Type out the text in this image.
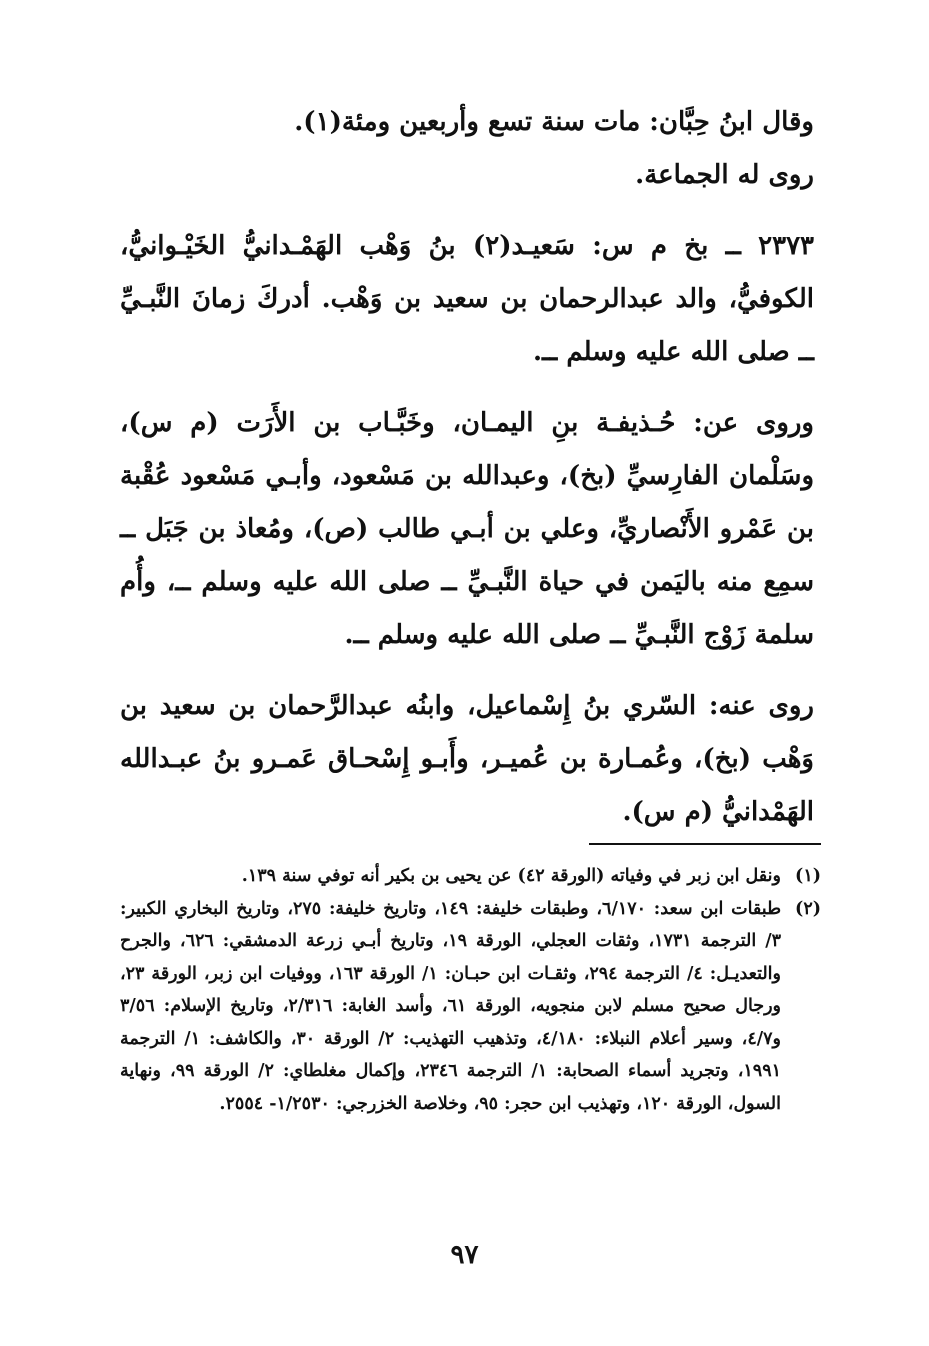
وقال ابنُ حِبَّان: مات سنة تسع وأربعين ومئة(١).

روى له الجماعة.

٢٣٧٣ ــ بخ م س: سَعيـد(٢) بنُ وَهْب الهَمْـدانيُّ الخَيْـوانيُّ، الكوفيُّ، والد عبدالرحمان بن سعيد بن وَهْب. أدركَ زمانَ النَّبـيِّ ــ صلى الله عليه وسلم ــ.

وروى عن: حُـذيفـة بنِ اليمـان، وخَبَّـاب بن الأَرَت (م س)، وسَلْمان الفارِسيِّ (بخ)، وعبدالله بن مَسْعود، وأبـي مَسْعود عُقْبة بن عَمْرو الأَنْصاريِّ، وعلي بن أبـي طالب (ص)، ومُعاذ بن جَبَل ــ سمِع منه باليَمن في حياة النَّبـيِّ ــ صلى الله عليه وسلم ــ، وأُم سلمة زَوْج النَّبـيِّ ــ صلى الله عليه وسلم ــ.

روى عنه: السّري بنُ إِسْماعيل، وابنُه عبدالرَّحمان بن سعيد بن وَهْب (بخ)، وعُمـارة بن عُميـر، وأَبـو إِسْحـاق عَمـرو بنُ عبـدالله الهَمْدانيُّ (م س).

(١)
ونقل ابن زبر في وفياته (الورقة ٤٢) عن يحيى بن بكير أنه توفي سنة ١٣٩.
(٢)
طبقات ابن سعد: ٦/١٧٠، وطبقات خليفة: ١٤٩، وتاريخ خليفة: ٢٧٥، وتاريخ البخاري الكبير: ٣/ الترجمة ١٧٣١، وثقات العجلي، الورقة ١٩، وتاريخ أبـي زرعة الدمشقي: ٦٢٦، والجرح والتعديـل: ٤/ الترجمة ٢٩٤، وثقـات ابن حبـان: ١/ الورقة ١٦٣، ووفيات ابن زبر، الورقة ٢٣، ورجال صحيح مسلم لابن منجويه، الورقة ٦١، وأسد الغابة: ٢/٣١٦، وتاريخ الإسلام: ٣/٥٦ و٤/٧، وسير أعلام النبلاء: ٤/١٨٠، وتذهيب التهذيب: ٢/ الورقة ٣٠، والكاشف: ١/ الترجمة ١٩٩١، وتجريد أسماء الصحابة: ١/ الترجمة ٢٣٤٦، وإكمال مغلطاي: ٢/ الورقة ٩٩، ونهاية السول، الورقة ١٢٠، وتهذيب ابن حجر: ٩٥، وخلاصة الخزرجي: ١/٢٥٣٠- ٢٥٥٤.
٩٧
